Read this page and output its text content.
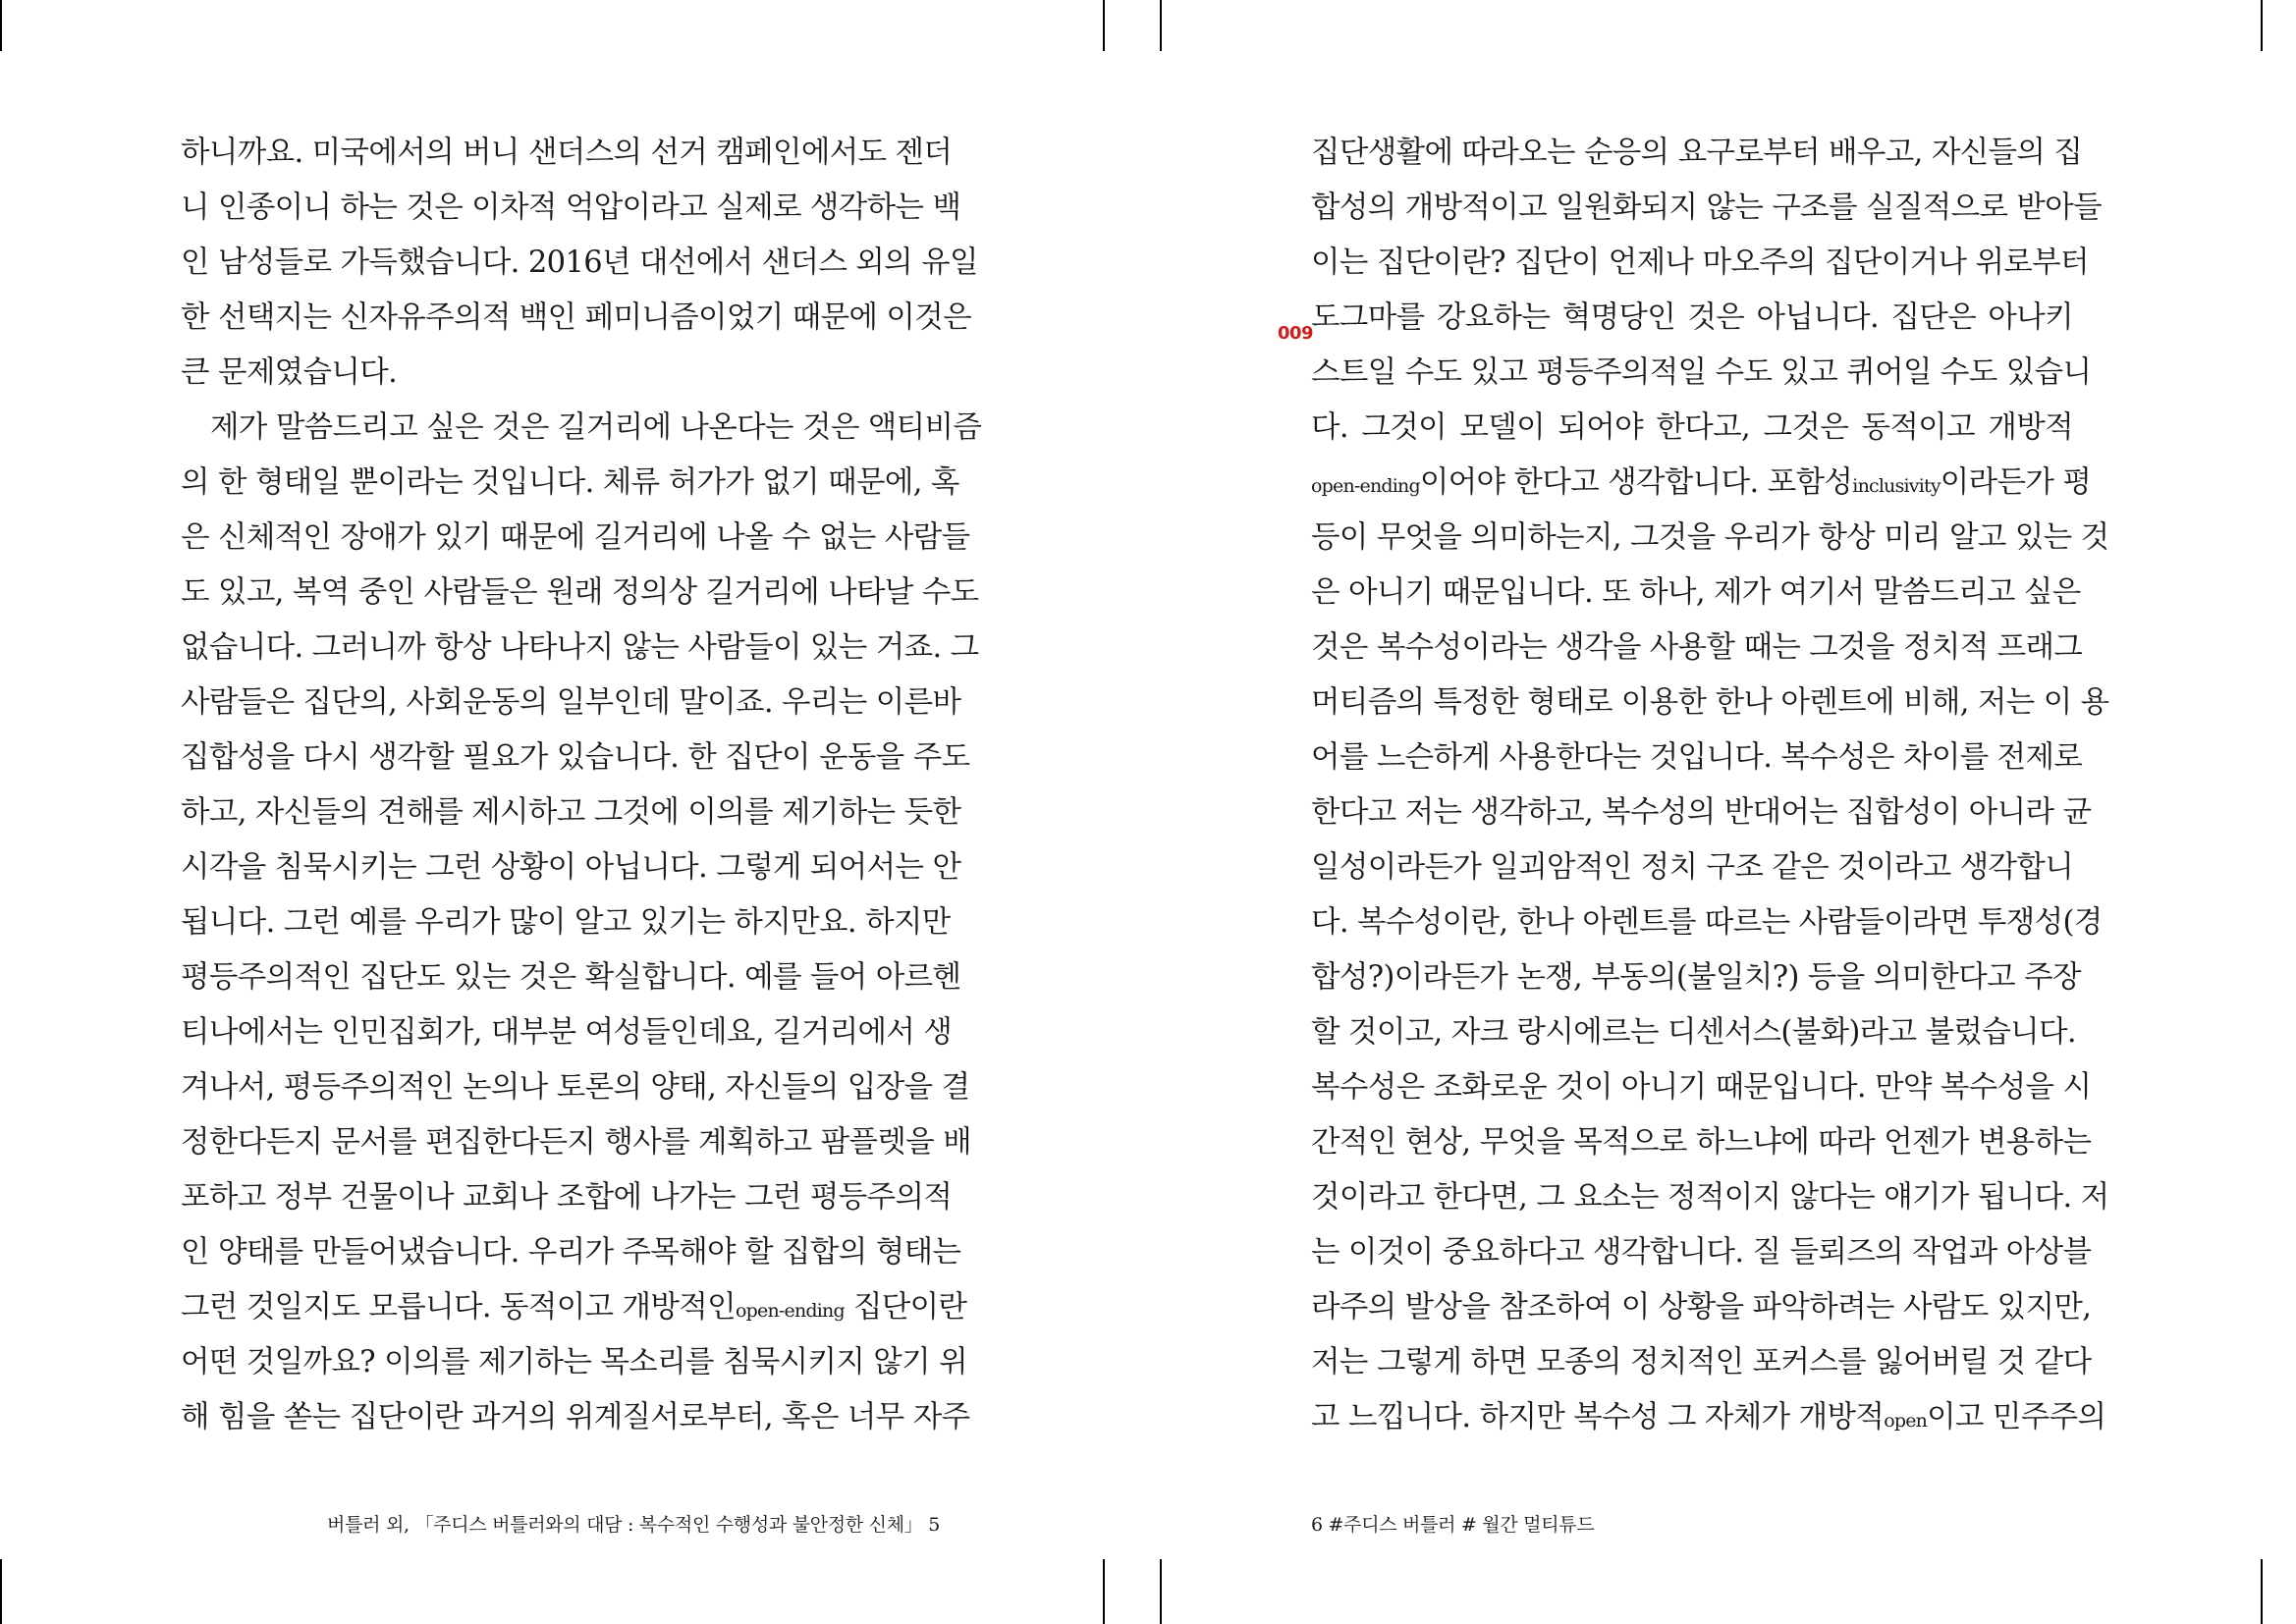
하니까요. 미국에서의 버니 샌더스의 선거 캠페인에서도 젠더
니 인종이니 하는 것은 이차적 억압이라고 실제로 생각하는 백
인 남성들로 가득했습니다. 2016년 대선에서 샌더스 외의 유일
한 선택지는 신자유주의적 백인 페미니즘이었기 때문에 이것은
큰 문제였습니다.
제가 말씀드리고 싶은 것은 길거리에 나온다는 것은 액티비즘
의 한 형태일 뿐이라는 것입니다. 체류 허가가 없기 때문에, 혹
은 신체적인 장애가 있기 때문에 길거리에 나올 수 없는 사람들
도 있고, 복역 중인 사람들은 원래 정의상 길거리에 나타날 수도
없습니다. 그러니까 항상 나타나지 않는 사람들이 있는 거죠. 그
사람들은 집단의, 사회운동의 일부인데 말이죠. 우리는 이른바
집합성을 다시 생각할 필요가 있습니다. 한 집단이 운동을 주도
하고, 자신들의 견해를 제시하고 그것에 이의를 제기하는 듯한
시각을 침묵시키는 그런 상황이 아닙니다. 그렇게 되어서는 안
됩니다. 그런 예를 우리가 많이 알고 있기는 하지만요. 하지만
평등주의적인 집단도 있는 것은 확실합니다. 예를 들어 아르헨
티나에서는 인민집회가, 대부분 여성들인데요, 길거리에서 생
겨나서, 평등주의적인 논의나 토론의 양태, 자신들의 입장을 결
정한다든지 문서를 편집한다든지 행사를 계획하고 팜플렛을 배
포하고 정부 건물이나 교회나 조합에 나가는 그런 평등주의적
인 양태를 만들어냈습니다. 우리가 주목해야 할 집합의 형태는
그런 것일지도 모릅니다. 동적이고 개방적인open-ending 집단이란
어떤 것일까요? 이의를 제기하는 목소리를 침묵시키지 않기 위
해 힘을 쏟는 집단이란 과거의 위계질서로부터, 혹은 너무 자주
버틀러 외, 「주디스 버틀러와의 대담 : 복수적인 수행성과 불안정한 신체」 5
집단생활에 따라오는 순응의 요구로부터 배우고, 자신들의 집
합성의 개방적이고 일원화되지 않는 구조를 실질적으로 받아들
이는 집단이란? 집단이 언제나 마오주의 집단이거나 위로부터
009
도그마를 강요하는 혁명당인 것은 아닙니다. 집단은 아나키
스트일 수도 있고 평등주의적일 수도 있고 퀴어일 수도 있습니
다. 그것이 모델이 되어야 한다고, 그것은 동적이고 개방적
open-ending이어야 한다고 생각합니다. 포함성inclusivity이라든가 평
등이 무엇을 의미하는지, 그것을 우리가 항상 미리 알고 있는 것
은 아니기 때문입니다. 또 하나, 제가 여기서 말씀드리고 싶은
것은 복수성이라는 생각을 사용할 때는 그것을 정치적 프래그
머티즘의 특정한 형태로 이용한 한나 아렌트에 비해, 저는 이 용
어를 느슨하게 사용한다는 것입니다. 복수성은 차이를 전제로
한다고 저는 생각하고, 복수성의 반대어는 집합성이 아니라 균
일성이라든가 일괴암적인 정치 구조 같은 것이라고 생각합니
다. 복수성이란, 한나 아렌트를 따르는 사람들이라면 투쟁성(경
합성?)이라든가 논쟁, 부동의(불일치?) 등을 의미한다고 주장
할 것이고, 자크 랑시에르는 디센서스(불화)라고 불렀습니다.
복수성은 조화로운 것이 아니기 때문입니다. 만약 복수성을 시
간적인 현상, 무엇을 목적으로 하느냐에 따라 언젠가 변용하는
것이라고 한다면, 그 요소는 정적이지 않다는 얘기가 됩니다. 저
는 이것이 중요하다고 생각합니다. 질 들뢰즈의 작업과 아상블
라주의 발상을 참조하여 이 상황을 파악하려는 사람도 있지만,
저는 그렇게 하면 모종의 정치적인 포커스를 잃어버릴 것 같다
고 느낍니다. 하지만 복수성 그 자체가 개방적open이고 민주주의
6 #주디스 버틀러 # 월간 멀티튜드
